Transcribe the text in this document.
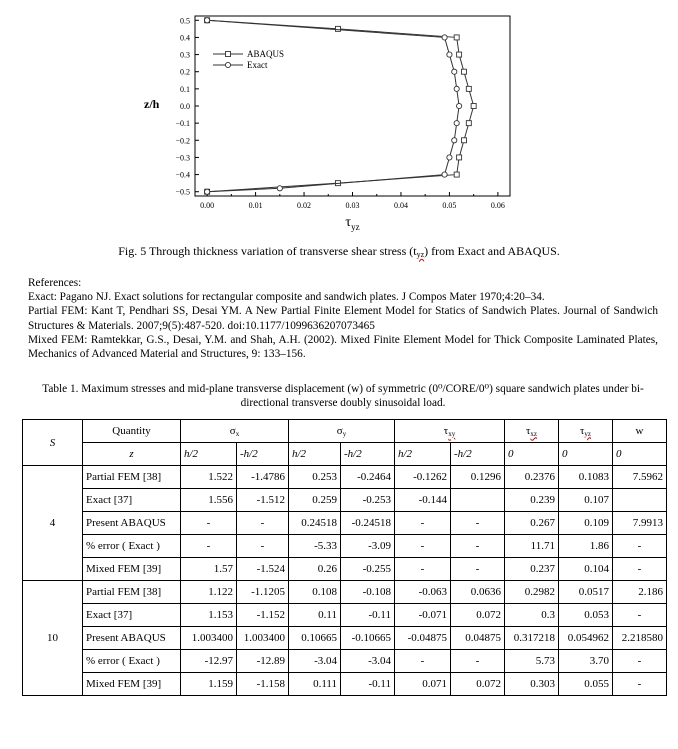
0.00	0.01	0.02	0.03	0.04	0.05	0.06
0.5
0.4
0.3
0.2
0.1
0.0
−0.1
−0.2
−0.3
−0.4
−0.5
z/h
$\tau_{yz}$
ABAQUS
Exact
Fig. 5 Through thickness variation of transverse shear stress (tyz) from Exact and ABAQUS.

References:

Exact: Pagano NJ. Exact solutions for rectangular composite and sandwich plates. J Compos Mater 1970;4:20–34.

Partial FEM: Kant T, Pendhari SS, Desai YM. A New Partial Finite Element Model for Statics of Sandwich Plates. Journal of Sandwich Structures & Materials. 2007;9(5):487-520. doi:10.1177/1099636207073465

Mixed FEM: Ramtekkar, G.S., Desai, Y.M. and Shah, A.H. (2002). Mixed Finite Element Model for Thick Composite Laminated Plates, Mechanics of Advanced Material and Structures, 9: 133–156.

Table 1. Maximum stresses and mid-plane transverse displacement (w) of symmetric (0⁰/CORE/0⁰) square sandwich plates under bi-directional transverse doubly sinusoidal load.
S	Quantity	σx		σy		τxy		τxz	τyz	w
	z	h/2	-h/2	h/2	-h/2	h/2	-h/2	0	0	0
4	Partial FEM [38]	1.522	-1.4786	0.253	-0.2464	-0.1262	0.1296	0.2376	0.1083	7.5962
	Exact [37]	1.556	-1.512	0.259	-0.253	-0.144		0.239	0.107	
	Present ABAQUS	-	-	0.24518	-0.24518	-	-	0.267	0.109	7.9913
	% error ( Exact )	-	-	-5.33	-3.09	-	-	11.71	1.86	-
	Mixed FEM [39]	1.57	-1.524	0.26	-0.255	-	-	0.237	0.104	-
10	Partial FEM [38]	1.122	-1.1205	0.108	-0.108	-0.063	0.0636	0.2982	0.0517	2.186
	Exact [37]	1.153	-1.152	0.11	-0.11	-0.071	0.072	0.3	0.053	-
	Present ABAQUS	1.003400	1.003400	0.10665	-0.10665	-0.04875	0.04875	0.317218	0.054962	2.218580
	% error ( Exact )	-12.97	-12.89	-3.04	-3.04	-	-	5.73	3.70	-
	Mixed FEM [39]	1.159	-1.158	0.111	-0.11	0.071	0.072	0.303	0.055	-
